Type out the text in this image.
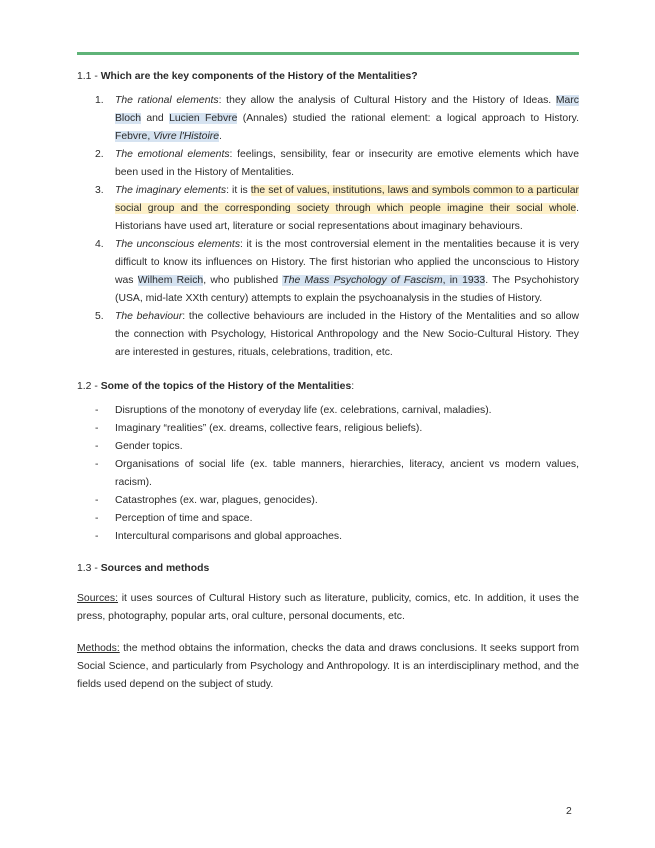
1.1 - Which are the key components of the History of the Mentalities?

1. The rational elements: they allow the analysis of Cultural History and the History of Ideas. Marc Bloch and Lucien Febvre (Annales) studied the rational element: a logical approach to History. Febvre, Vivre l'Histoire.
2. The emotional elements: feelings, sensibility, fear or insecurity are emotive elements which have been used in the History of Mentalities.
3. The imaginary elements: it is the set of values, institutions, laws and symbols common to a particular social group and the corresponding society through which people imagine their social whole. Historians have used art, literature or social representations about imaginary behaviours.
4. The unconscious elements: it is the most controversial element in the mentalities because it is very difficult to know its influences on History. The first historian who applied the unconscious to History was Wilhem Reich, who published The Mass Psychology of Fascism, in 1933. The Psychohistory (USA, mid-late XXth century) attempts to explain the psychoanalysis in the studies of History.
5. The behaviour: the collective behaviours are included in the History of the Mentalities and so allow the connection with Psychology, Historical Anthropology and the New Socio-Cultural History. They are interested in gestures, rituals, celebrations, tradition, etc.

1.2 - Some of the topics of the History of the Mentalities:

- Disruptions of the monotony of everyday life (ex. celebrations, carnival, maladies).
- Imaginary “realities” (ex. dreams, collective fears, religious beliefs).
- Gender topics.
- Organisations of social life (ex. table manners, hierarchies, literacy, ancient vs modern values, racism).
- Catastrophes (ex. war, plagues, genocides).
- Perception of time and space.
- Intercultural comparisons and global approaches.

1.3 - Sources and methods

Sources: it uses sources of Cultural History such as literature, publicity, comics, etc. In addition, it uses the press, photography, popular arts, oral culture, personal documents, etc.

Methods: the method obtains the information, checks the data and draws conclusions. It seeks support from Social Science, and particularly from Psychology and Anthropology. It is an interdisciplinary method, and the fields used depend on the subject of study.

2
